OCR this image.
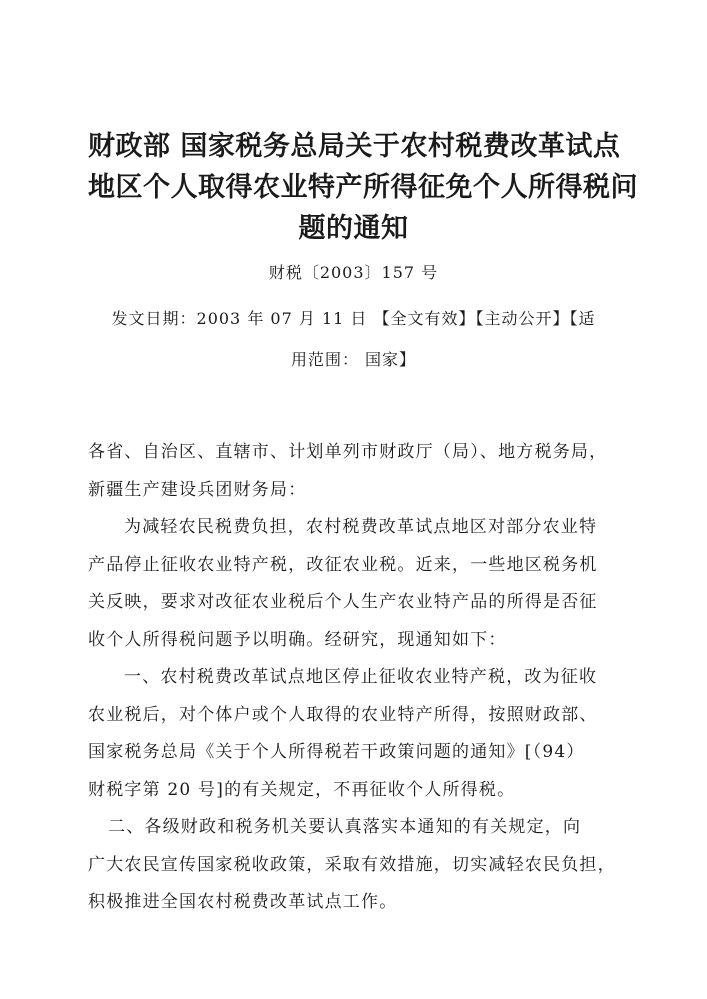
财政部 国家税务总局关于农村税费改革试点
地区个人取得农业特产所得征免个人所得税问
题的通知
财税〔2003〕157 号
发文日期：2003 年 07 月 11 日 【全文有效】【主动公开】【适
用范围： 国家】
各省、自治区、直辖市、计划单列市财政厅（局）、地方税务局，
新疆生产建设兵团财务局：
为减轻农民税费负担，农村税费改革试点地区对部分农业特
产品停止征收农业特产税，改征农业税。近来，一些地区税务机
关反映，要求对改征农业税后个人生产农业特产品的所得是否征
收个人所得税问题予以明确。经研究，现通知如下：
一、农村税费改革试点地区停止征收农业特产税，改为征收
农业税后，对个体户或个人取得的农业特产所得，按照财政部、
国家税务总局《关于个人所得税若干政策问题的通知》[（94）
财税字第 20 号]的有关规定，不再征收个人所得税。
二、各级财政和税务机关要认真落实本通知的有关规定，向
广大农民宣传国家税收政策，采取有效措施，切实减轻农民负担，
积极推进全国农村税费改革试点工作。
